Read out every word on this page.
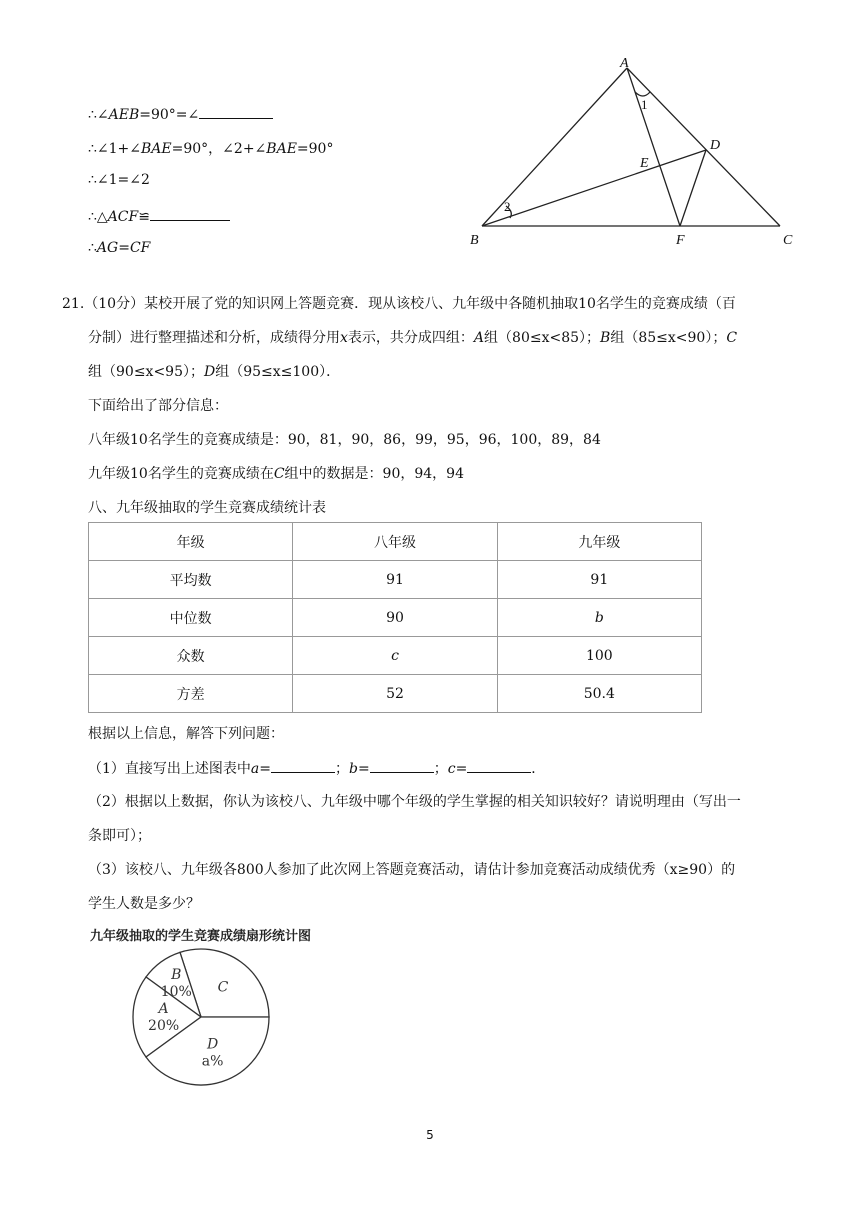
∴∠AEB=90°=∠
∴∠1+∠BAE=90°，∠2+∠BAE=90°
∴∠1=∠2
∴△ACF≌
∴AG=CF
A
B	C
D
E
F
1
2
21.（10分）某校开展了党的知识网上答题竞赛．现从该校八、九年级中各随机抽取10名学生的竞赛成绩（百
分制）进行整理描述和分析，成绩得分用x表示，共分成四组：A组（80≤x<85）；B组（85≤x<90）；C
组（90≤x<95）；D组（95≤x≤100）．
下面给出了部分信息：
八年级10名学生的竞赛成绩是：90，81，90，86，99，95，96，100，89，84
九年级10名学生的竞赛成绩在C组中的数据是：90，94，94
八、九年级抽取的学生竞赛成绩统计表
年级	八年级	九年级
平均数	91	91
中位数	90	b
众数	c	100
方差	52	50.4
根据以上信息，解答下列问题：
（1）直接写出上述图表中a=	；b=	；c=	．
（2）根据以上数据，你认为该校八、九年级中哪个年级的学生掌握的相关知识较好？请说明理由（写出一
条即可）；
（3）该校八、九年级各800人参加了此次网上答题竞赛活动，请估计参加竞赛活动成绩优秀（x≥90）的
学生人数是多少？
九年级抽取的学生竞赛成绩扇形统计图
C
B
10%
A
20%
D
a%
5
